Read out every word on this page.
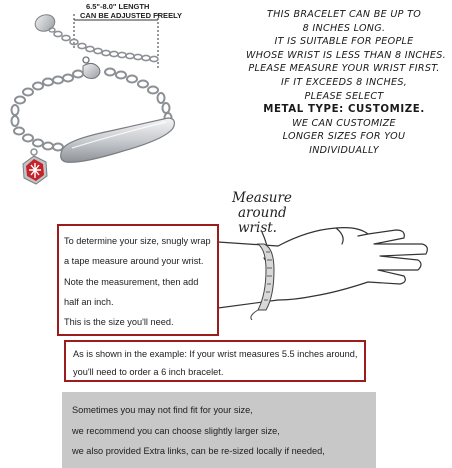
6.5"-8.0" LENGTH
CAN BE ADJUSTED FREELY	THIS BRACELET CAN BE UP TO
8 INCHES LONG.
IT IS SUITABLE FOR PEOPLE
WHOSE WRIST IS LESS THAN 8 INCHES.
PLEASE MEASURE YOUR WRIST FIRST.
IF IT EXCEEDS 8 INCHES,
PLEASE SELECT
METAL TYPE: CUSTOMIZE.
WE CAN CUSTOMIZE
LONGER SIZES FOR YOU
INDIVIDUALLY
Measure
around
wrist.
To determine your size, snugly wrap
a tape measure around your wrist.
Note the measurement, then add
half an inch.
This is the size you'll need.
As is shown in the example: If your wrist measures 5.5 inches around,
you'll need to order a 6 inch bracelet.
Sometimes you may not find fit for your size,
we recommend you can choose slightly larger size,
we also provided Extra links, can be re-sized locally if needed,
